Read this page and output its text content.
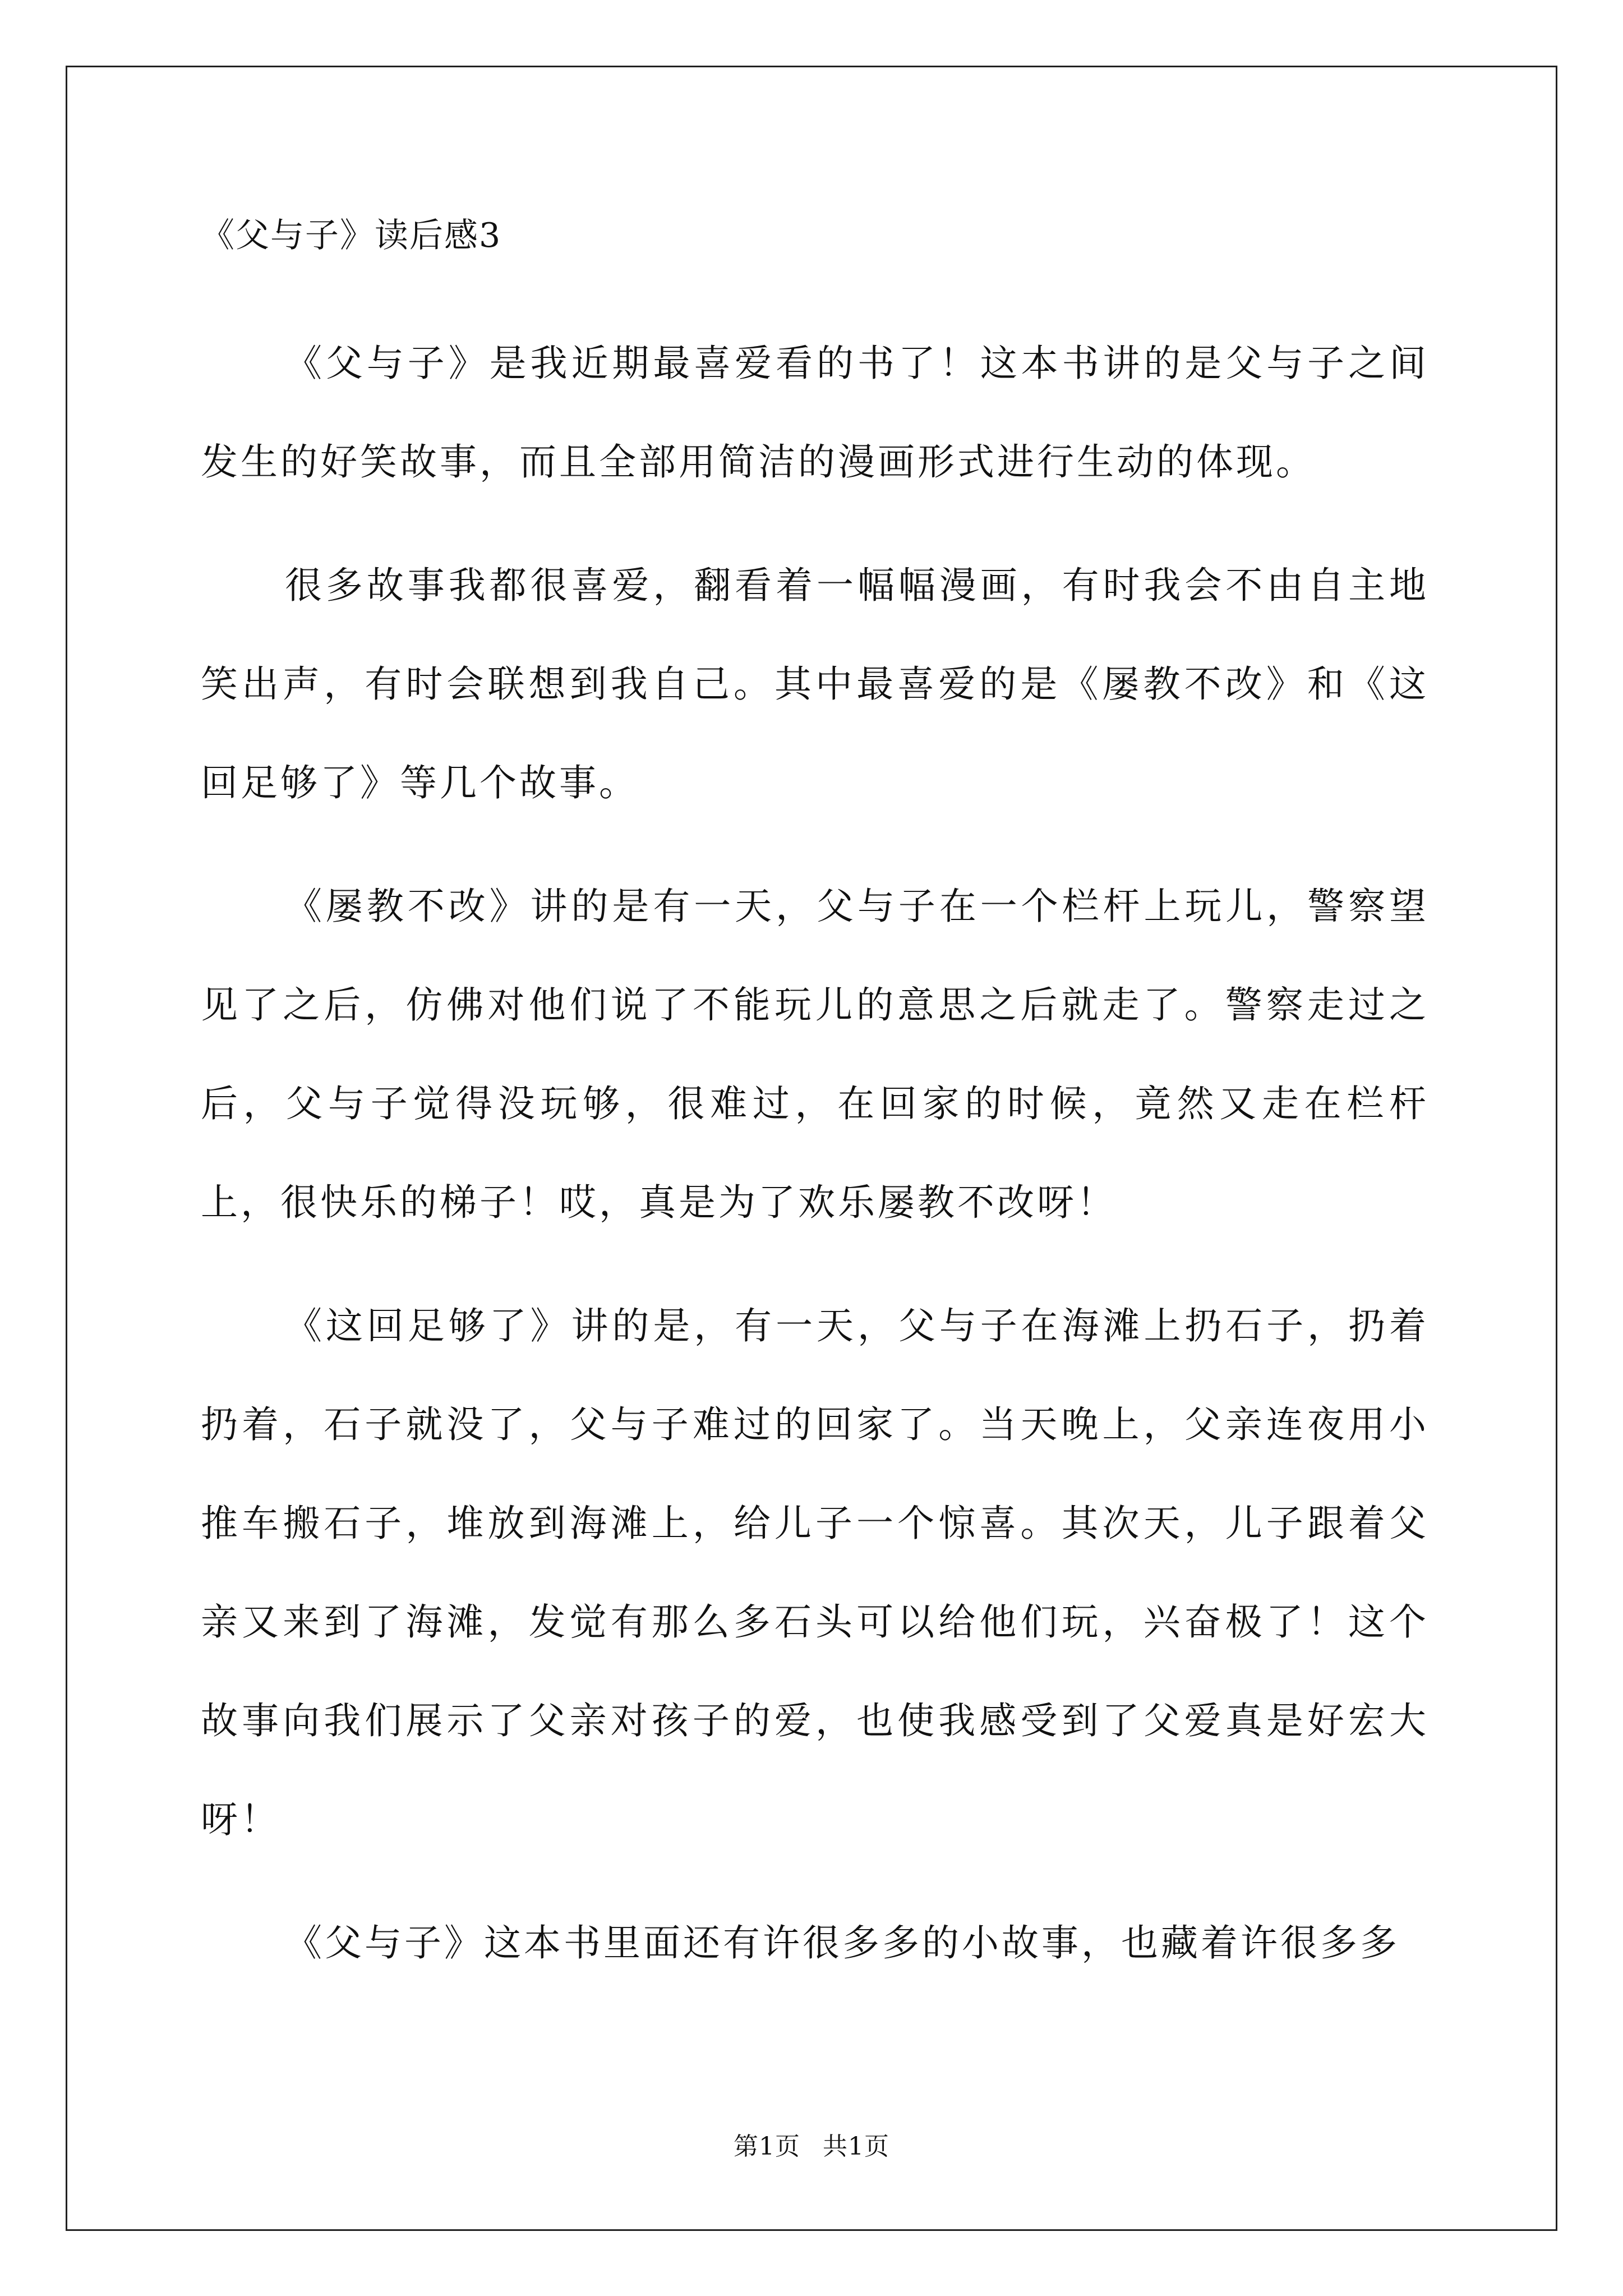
《父与子》读后感3

《父与子》是我近期最喜爱看的书了！这本书讲的是父与子之间发生的好笑故事，而且全部用简洁的漫画形式进行生动的体现。

很多故事我都很喜爱，翻看着一幅幅漫画，有时我会不由自主地笑出声，有时会联想到我自己。其中最喜爱的是《屡教不改》和《这回足够了》等几个故事。

《屡教不改》讲的是有一天，父与子在一个栏杆上玩儿，警察望见了之后，仿佛对他们说了不能玩儿的意思之后就走了。警察走过之后，父与子觉得没玩够，很难过，在回家的时候，竟然又走在栏杆上，很快乐的梯子！哎，真是为了欢乐屡教不改呀！

《这回足够了》讲的是，有一天，父与子在海滩上扔石子，扔着扔着，石子就没了，父与子难过的回家了。当天晚上，父亲连夜用小推车搬石子，堆放到海滩上，给儿子一个惊喜。其次天，儿子跟着父亲又来到了海滩，发觉有那么多石头可以给他们玩，兴奋极了！这个故事向我们展示了父亲对孩子的爱，也使我感受到了父爱真是好宏大呀！

《父与子》这本书里面还有许很多多的小故事，也藏着许很多多

第1页 共1页
